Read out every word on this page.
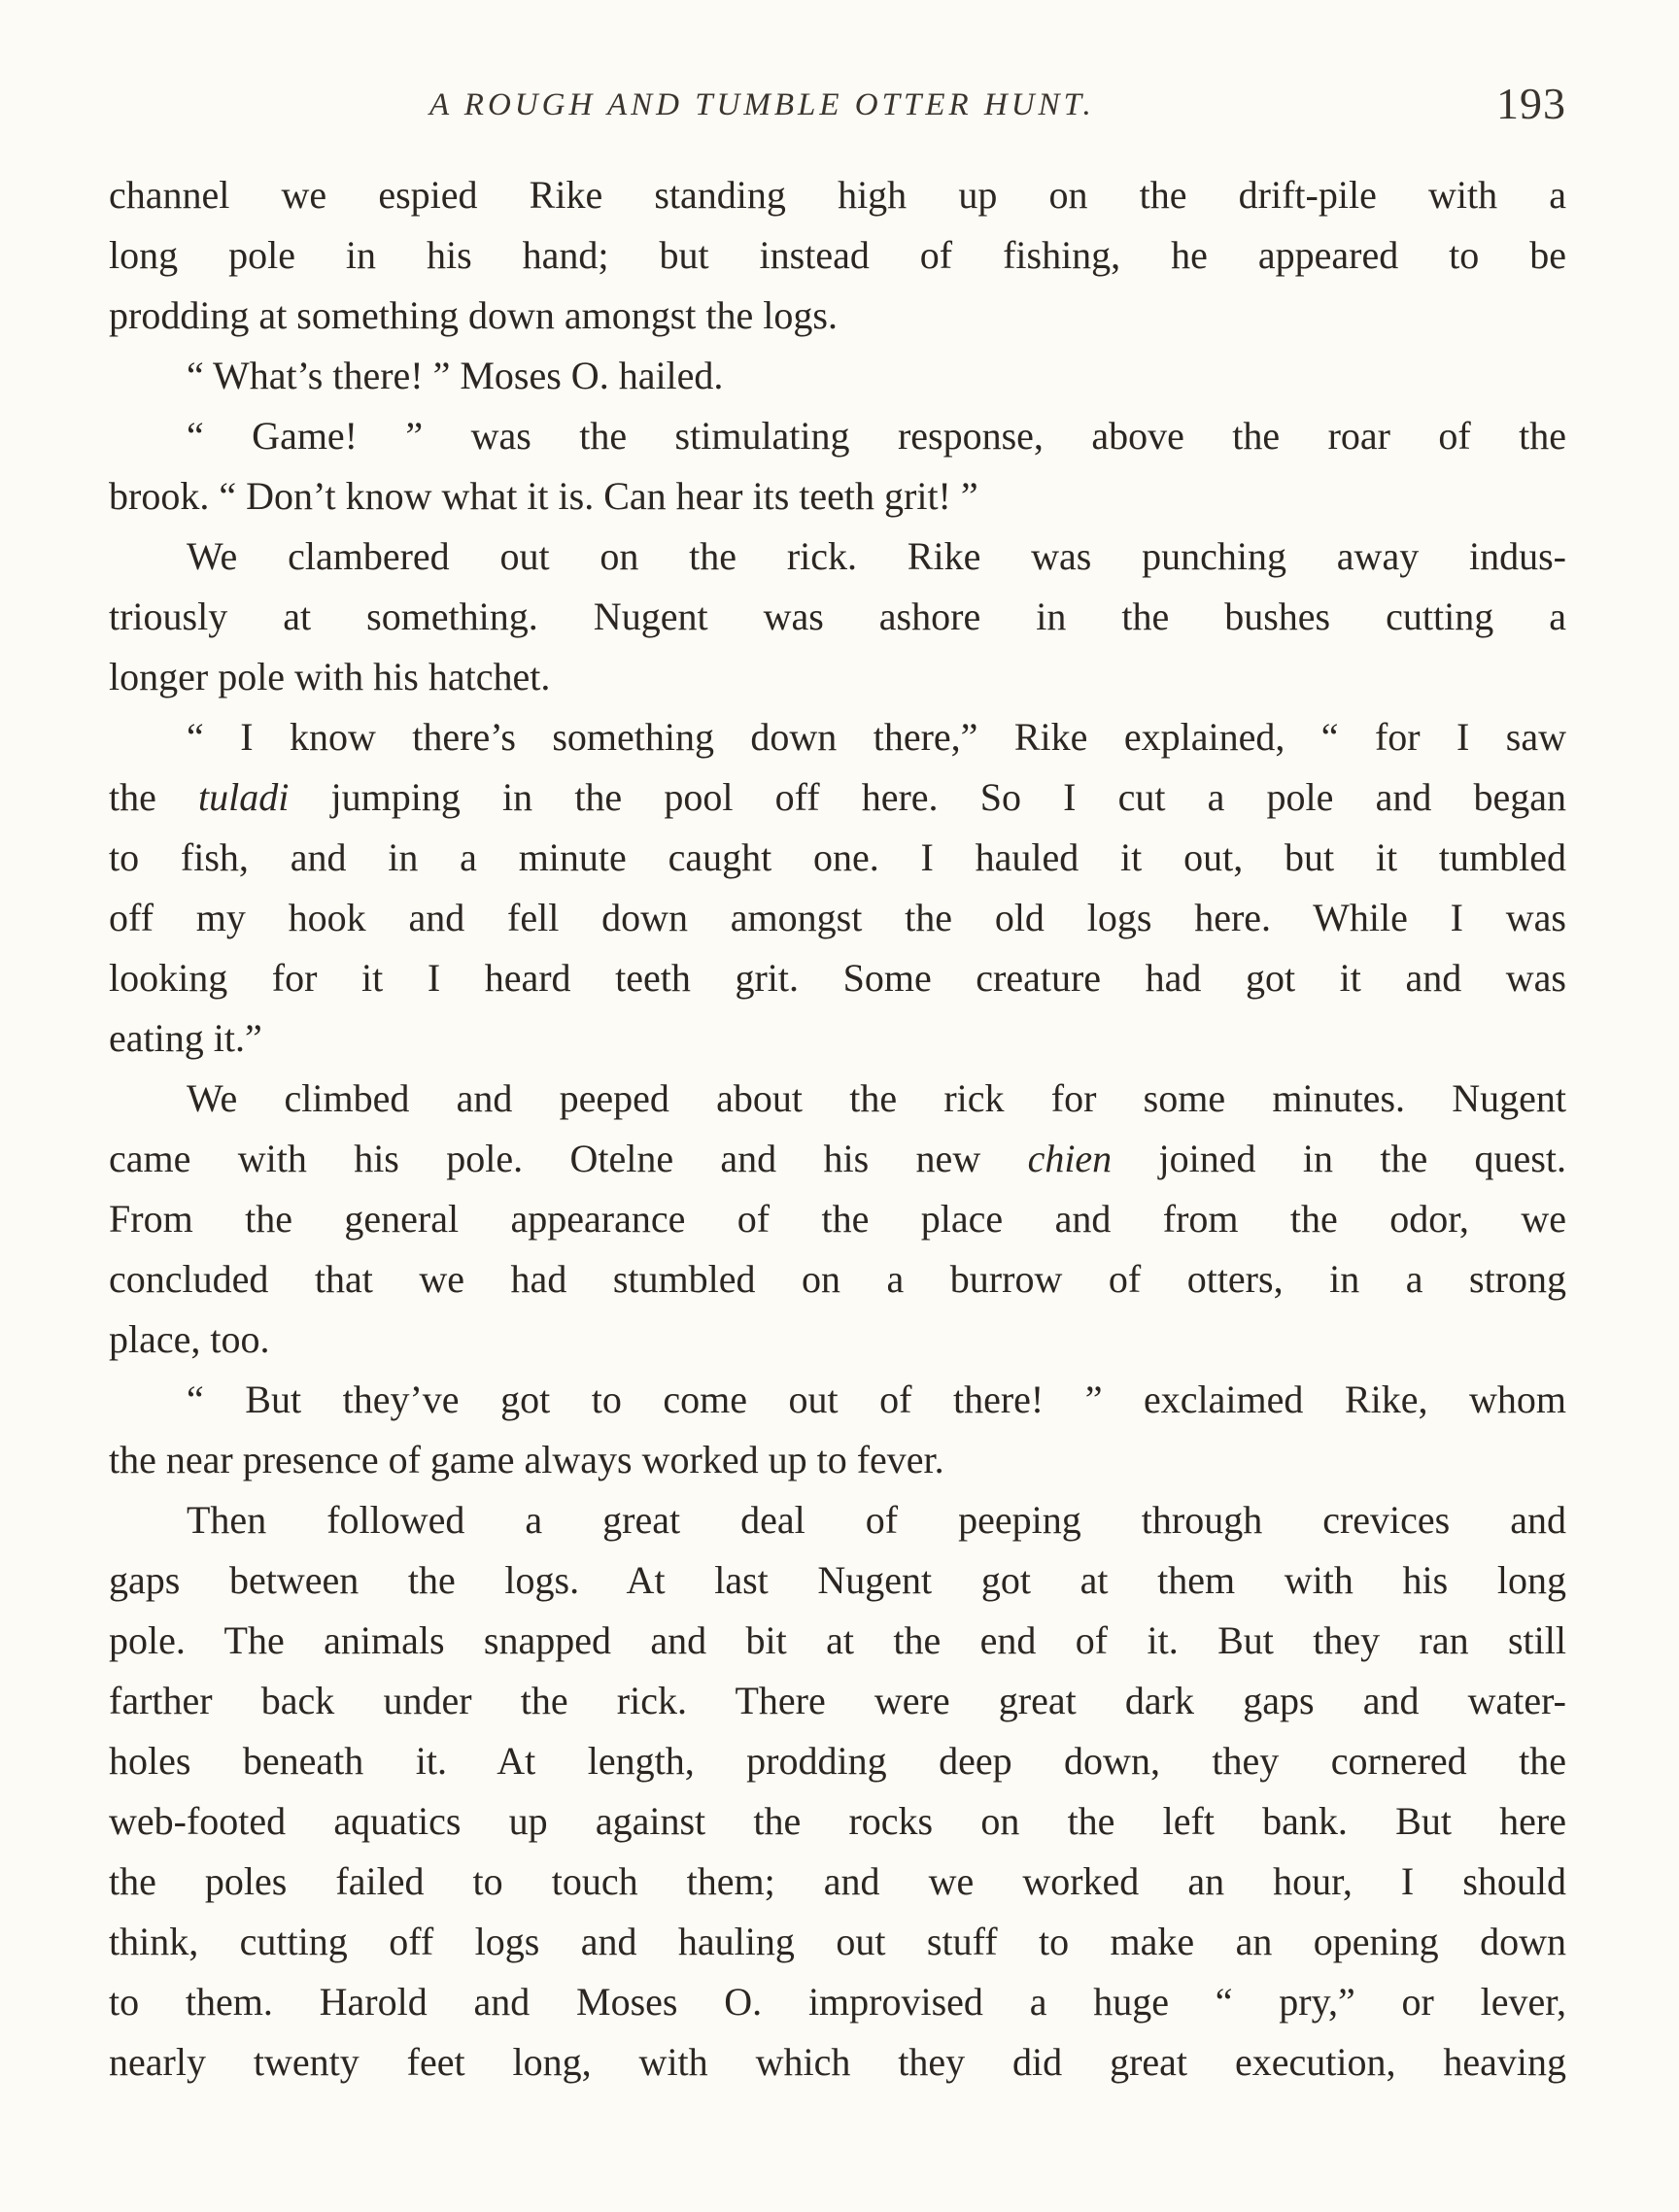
A ROUGH AND TUMBLE OTTER HUNT.	193
channel we espied Rike standing high up on the drift-pile with a
long pole in his hand; but instead of fishing, he appeared to be
prodding at something down amongst the logs.
“ What’s there! ” Moses O. hailed.
“ Game! ” was the stimulating response, above the roar of the
brook. “ Don’t know what it is. Can hear its teeth grit! ”
We clambered out on the rick. Rike was punching away indus-
triously at something. Nugent was ashore in the bushes cutting a
longer pole with his hatchet.
“ I know there’s something down there,” Rike explained, “ for I saw
the tuladi jumping in the pool off here. So I cut a pole and began
to fish, and in a minute caught one. I hauled it out, but it tumbled
off my hook and fell down amongst the old logs here. While I was
looking for it I heard teeth grit. Some creature had got it and was
eating it.”
We climbed and peeped about the rick for some minutes. Nugent
came with his pole. Otelne and his new chien joined in the quest.
From the general appearance of the place and from the odor, we
concluded that we had stumbled on a burrow of otters, in a strong
place, too.
“ But they’ve got to come out of there! ” exclaimed Rike, whom
the near presence of game always worked up to fever.
Then followed a great deal of peeping through crevices and
gaps between the logs. At last Nugent got at them with his long
pole. The animals snapped and bit at the end of it. But they ran still
farther back under the rick. There were great dark gaps and water-
holes beneath it. At length, prodding deep down, they cornered the
web-footed aquatics up against the rocks on the left bank. But here
the poles failed to touch them; and we worked an hour, I should
think, cutting off logs and hauling out stuff to make an opening down
to them. Harold and Moses O. improvised a huge “ pry,” or lever,
nearly twenty feet long, with which they did great execution, heaving
